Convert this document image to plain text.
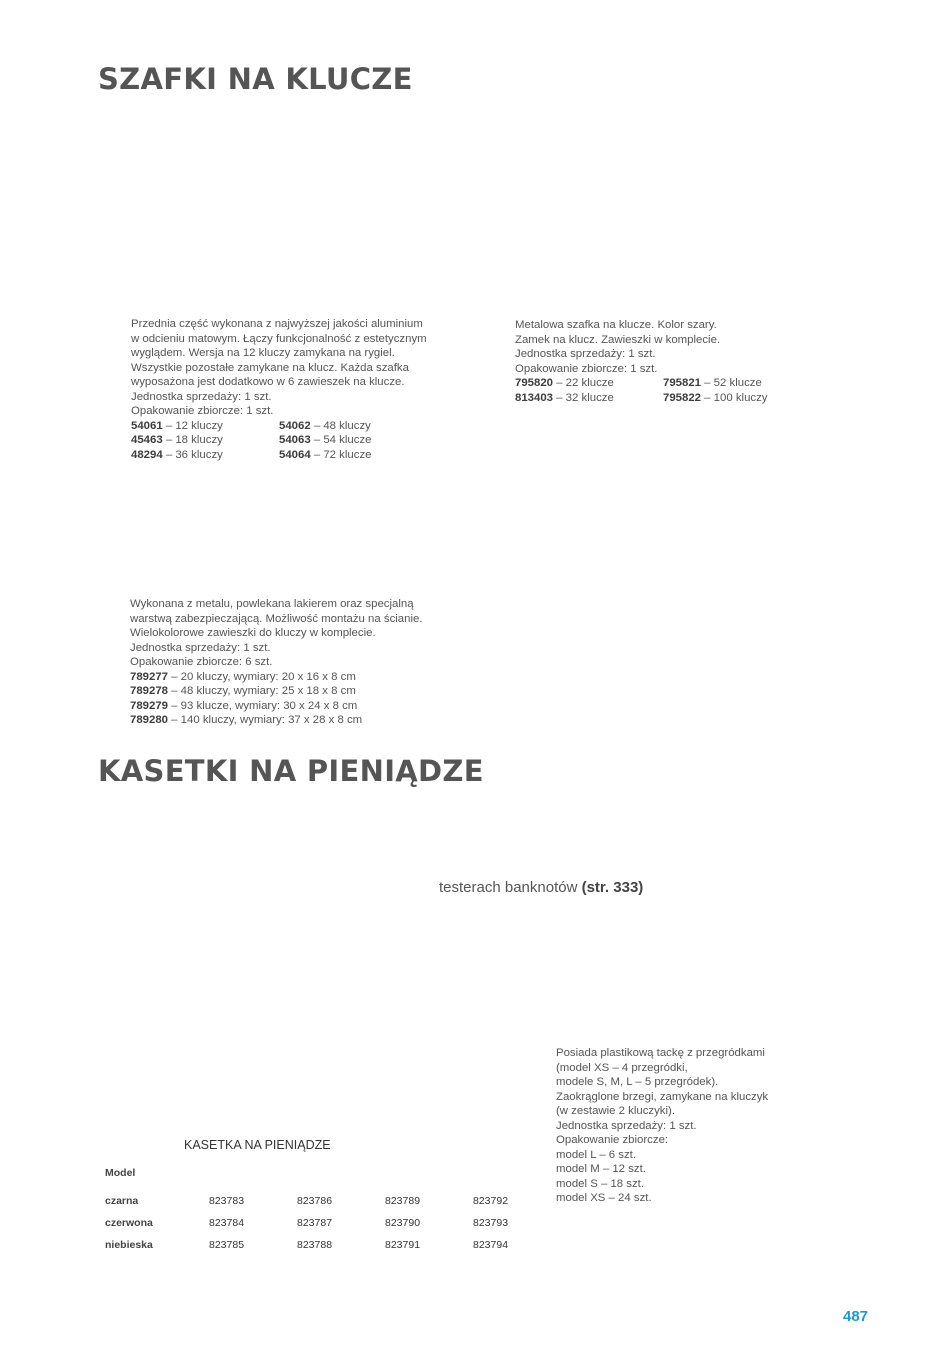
SZAFKI NA KLUCZE
Przednia część wykonana z najwyższej jakości aluminium
w odcieniu matowym. Łączy funkcjonalność z estetycznym
wyglądem. Wersja na 12 kluczy zamykana na rygiel.
Wszystkie pozostałe zamykane na klucz. Każda szafka
wyposażona jest dodatkowo w 6 zawieszek na klucze.
Jednostka sprzedaży: 1 szt.
Opakowanie zbiorcze: 1 szt.
54061 – 12 kluczy	54062 – 48 kluczy
45463 – 18 kluczy	54063 – 54 klucze
48294 – 36 kluczy	54064 – 72 klucze
Metalowa szafka na klucze. Kolor szary.
Zamek na klucz. Zawieszki w komplecie.
Jednostka sprzedaży: 1 szt.
Opakowanie zbiorcze: 1 szt.
795820 – 22 klucze	795821 – 52 klucze
813403 – 32 klucze	795822 – 100 kluczy
Wykonana z metalu, powlekana lakierem oraz specjalną
warstwą zabezpieczającą. Możliwość montażu na ścianie.
Wielokolorowe zawieszki do kluczy w komplecie.
Jednostka sprzedaży: 1 szt.
Opakowanie zbiorcze: 6 szt.
789277 – 20 kluczy, wymiary: 20 x 16 x 8 cm
789278 – 48 kluczy, wymiary: 25 x 18 x 8 cm
789279 – 93 klucze, wymiary: 30 x 24 x 8 cm
789280 – 140 kluczy, wymiary: 37 x 28 x 8 cm
KASETKI NA PIENIĄDZE
testerach banknotów (str. 333)
Posiada plastikową tackę z przegródkami
(model XS – 4 przegródki,
modele S, M, L – 5 przegródek).
Zaokrąglone brzegi, zamykane na kluczyk
(w zestawie 2 kluczyki).
Jednostka sprzedaży: 1 szt.
Opakowanie zbiorcze:
model L – 6 szt.
model M – 12 szt.
model S – 18 szt.
model XS – 24 szt.
KASETKA NA PIENIĄDZE
Model				

czarna	823783	823786	823789	823792
czerwona	823784	823787	823790	823793
niebieska	823785	823788	823791	823794
487
